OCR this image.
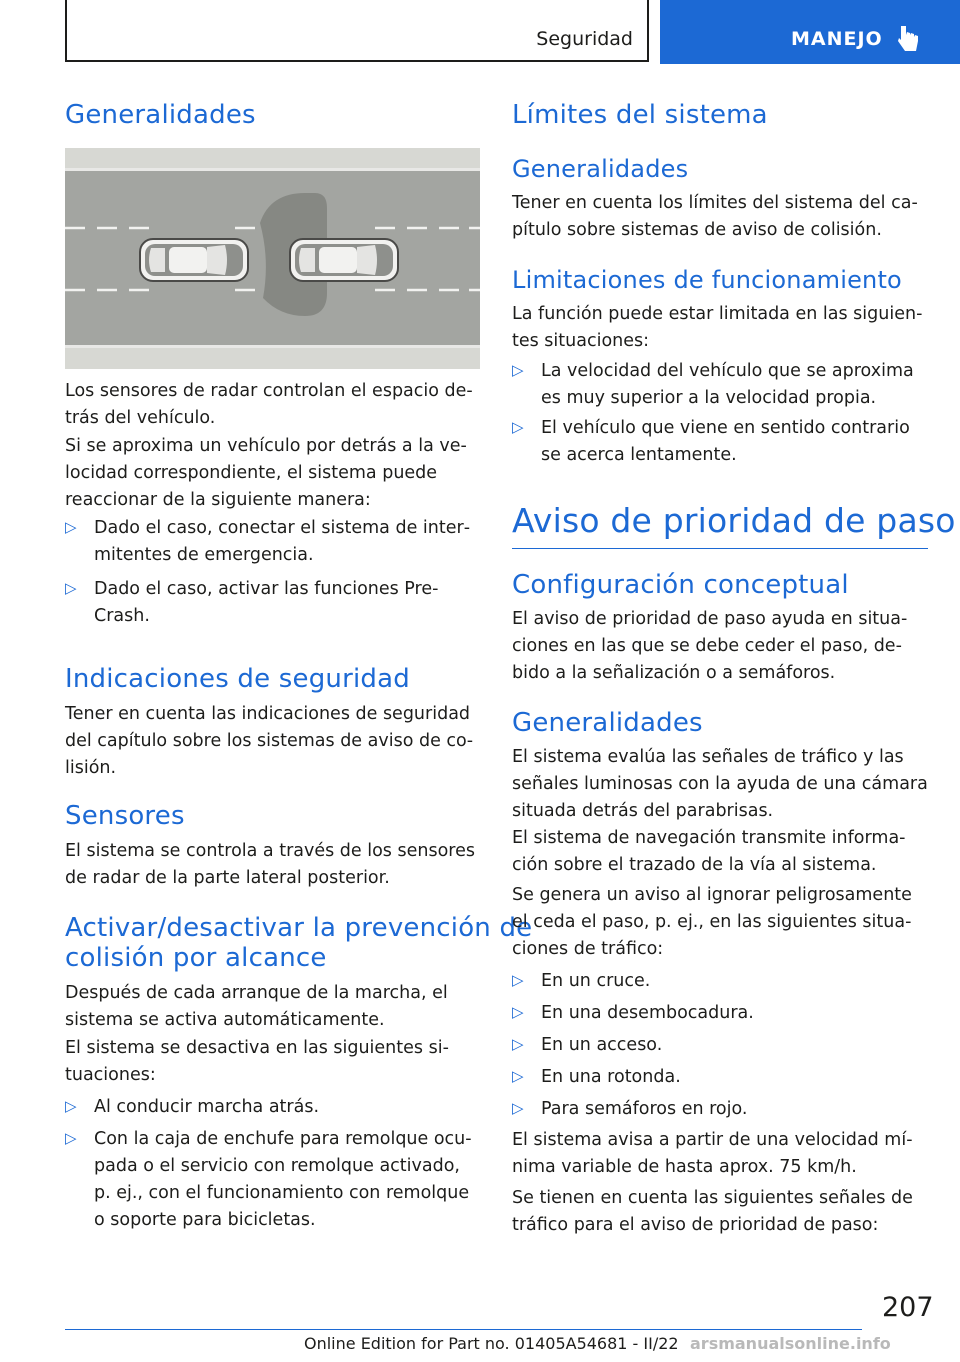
Seguridad	MANEJO
Generalidades

Los sensores de radar controlan el espacio detrás del vehículo.

Si se aproxima un vehículo por detrás a la velocidad correspondiente, el sistema puede reaccionar de la siguiente manera:

▷ Dado el caso, conectar el sistema de intermitentes de emergencia.

▷ Dado el caso, activar las funciones Pre-Crash.

Indicaciones de seguridad

Tener en cuenta las indicaciones de seguridad del capítulo sobre los sistemas de aviso de colisión.

Sensores

El sistema se controla a través de los sensores de radar de la parte lateral posterior.

Activar/desactivar la prevención de
colisión por alcance

Después de cada arranque de la marcha, el sistema se activa automáticamente.

El sistema se desactiva en las siguientes situaciones:

▷ Al conducir marcha atrás.

▷ Con la caja de enchufe para remolque ocupada o el servicio con remolque activado, p. ej., con el funcionamiento con remolque o soporte para bicicletas.

Límites del sistema
Generalidades

Tener en cuenta los límites del sistema del capítulo sobre sistemas de aviso de colisión.

Limitaciones de funcionamiento

La función puede estar limitada en las siguientes situaciones:

▷ La velocidad del vehículo que se aproxima es muy superior a la velocidad propia.

▷ El vehículo que viene en sentido contrario se acerca lentamente.

Aviso de prioridad de paso
Configuración conceptual

El aviso de prioridad de paso ayuda en situaciones en las que se debe ceder el paso, debido a la señalización o a semáforos.

Generalidades

El sistema evalúa las señales de tráfico y las señales luminosas con la ayuda de una cámara situada detrás del parabrisas.

El sistema de navegación transmite información sobre el trazado de la vía al sistema.

Se genera un aviso al ignorar peligrosamente el ceda el paso, p. ej., en las siguientes situaciones de tráfico:

▷ En un cruce.

▷ En una desembocadura.

▷ En un acceso.

▷ En una rotonda.

▷ Para semáforos en rojo.

El sistema avisa a partir de una velocidad mínima variable de hasta aprox. 75 km/h.

Se tienen en cuenta las siguientes señales de tráfico para el aviso de prioridad de paso:

207
Online Edition for Part no. 01405A54681 - II/22 arsmanualsonline.info
